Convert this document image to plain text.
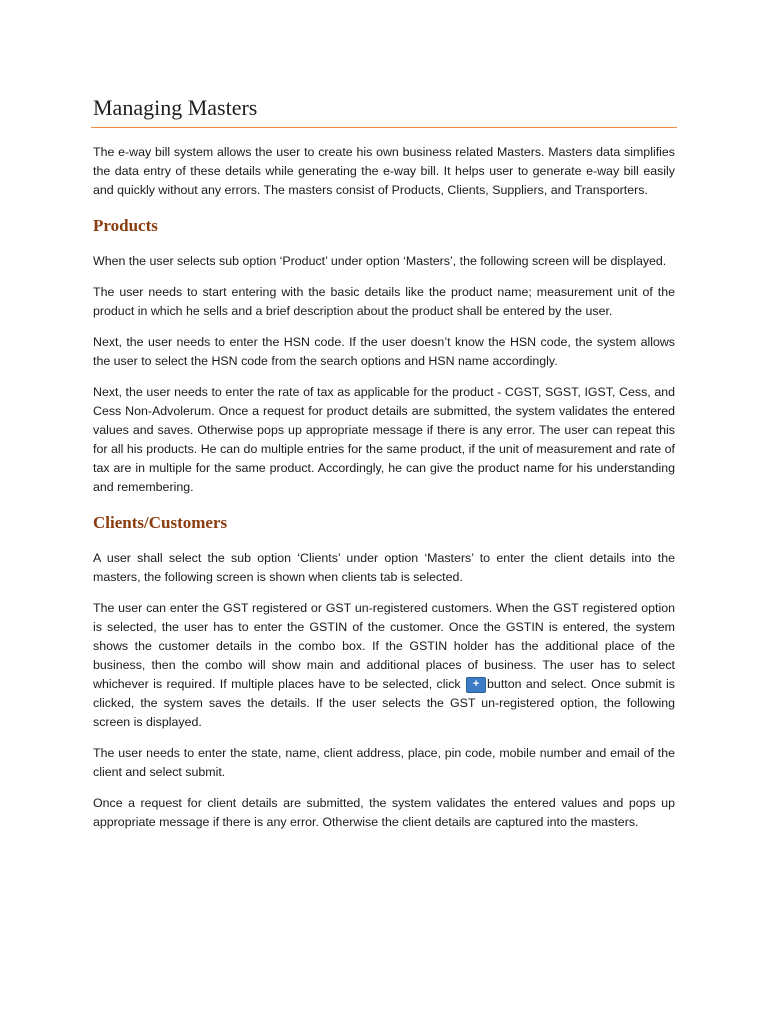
Managing Masters

The e-way bill system allows the user to create his own business related Masters. Masters data simplifies the data entry of these details while generating the e-way bill. It helps user to generate e-way bill easily and quickly without any errors. The masters consist of Products, Clients, Suppliers, and Transporters.

Products

When the user selects sub option ‘Product’ under option ‘Masters’, the following screen will be displayed.

The user needs to start entering with the basic details like the product name; measurement unit of the product in which he sells and a brief description about the product shall be entered by the user.

Next, the user needs to enter the HSN code. If the user doesn’t know the HSN code, the system allows the user to select the HSN code from the search options and HSN name accordingly.

Next, the user needs to enter the rate of tax as applicable for the product - CGST, SGST, IGST, Cess, and Cess Non-Advolerum. Once a request for product details are submitted, the system validates the entered values and saves. Otherwise pops up appropriate message if there is any error. The user can repeat this for all his products. He can do multiple entries for the same product, if the unit of measurement and rate of tax are in multiple for the same product. Accordingly, he can give the product name for his understanding and remembering.

Clients/Customers

A user shall select the sub option ‘Clients’ under option ‘Masters’ to enter the client details into the masters, the following screen is shown when clients tab is selected.

The user can enter the GST registered or GST un-registered customers. When the GST registered option is selected, the user has to enter the GSTIN of the customer. Once the GSTIN is entered, the system shows the customer details in the combo box. If the GSTIN holder has the additional place of the business, then the combo will show main and additional places of business. The user has to select whichever is required. If multiple places have to be selected, click + button and select. Once submit is clicked, the system saves the details. If the user selects the GST un-registered option, the following screen is displayed.

The user needs to enter the state, name, client address, place, pin code, mobile number and email of the client and select submit.

Once a request for client details are submitted, the system validates the entered values and pops up appropriate message if there is any error. Otherwise the client details are captured into the masters.
